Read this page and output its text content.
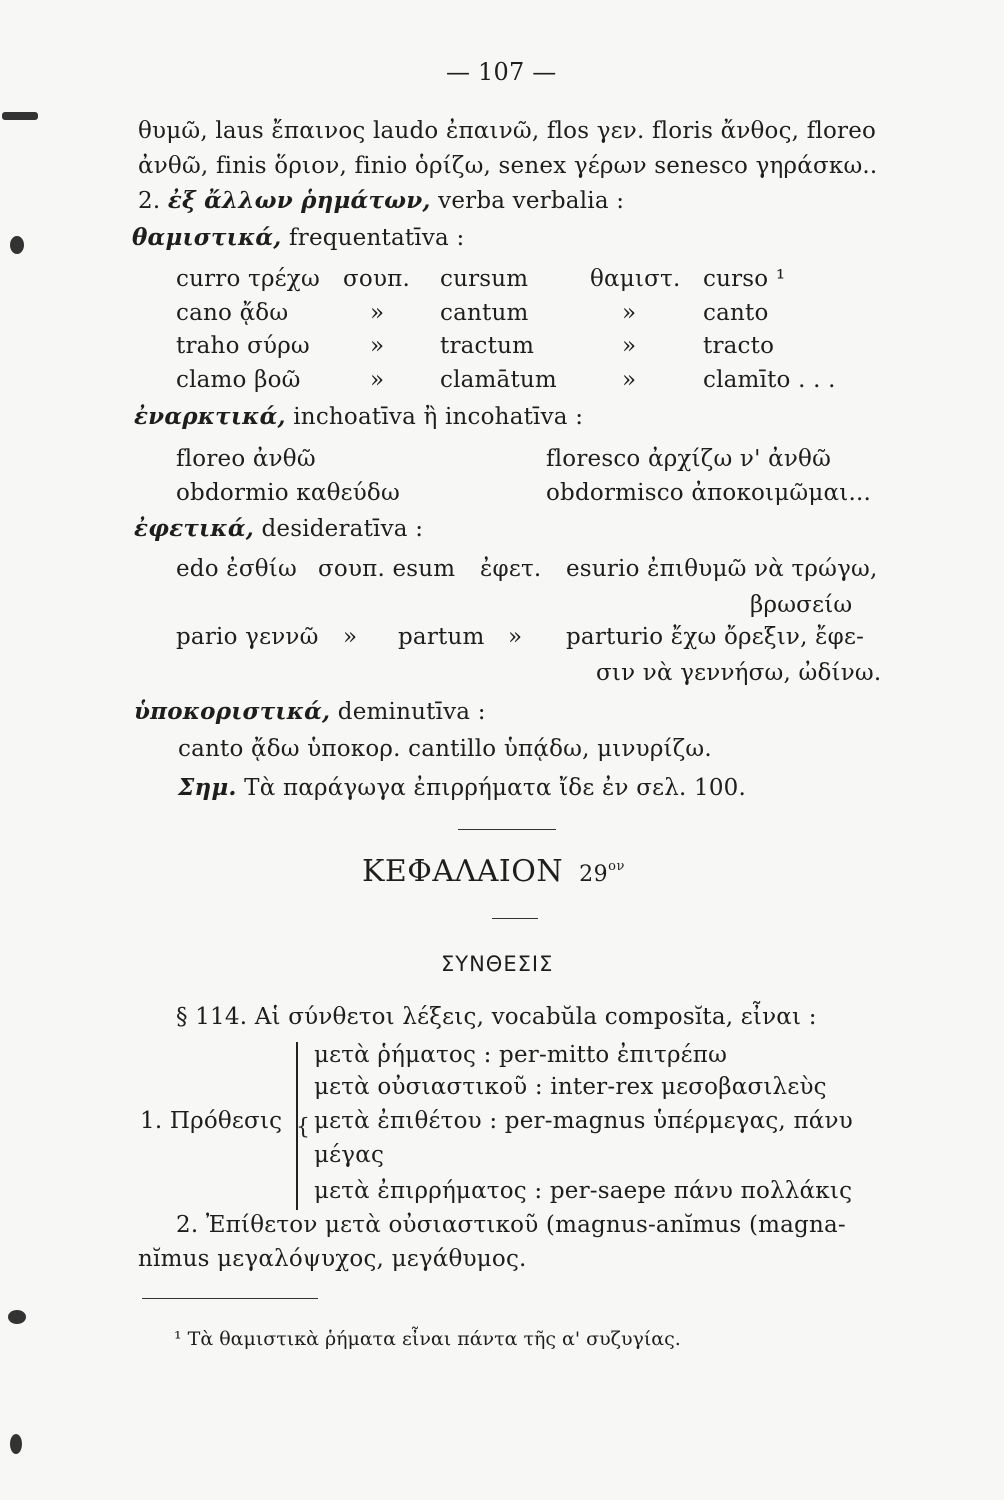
— 107 —
θυμῶ, laus ἔπαινος laudo ἐπαινῶ, flos γεν. floris ἄνθος, floreo
ἀνθῶ, finis ὅριον, finio ὁρίζω, senex γέρων senesco γηράσκω..
2. ἐξ ἄλλων ῥημάτων, verba verbalia :
θαμιστικά, frequentatīva :
curro τρέχω σουπ. cursum	θαμιστ. curso ¹
cano ᾄδω	» cantum	»	canto
traho σύρω	» tractum	»	tracto
clamo βοῶ	» clamātum	»	clamīto . . .
ἐναρκτικά, inchoatīva ἢ incohatīva :
floreo ἀνθῶ	floresco ἀρχίζω ν' ἀνθῶ
obdormio καθεύδω	obdormisco ἀποκοιμῶμαι...
ἐφετικά, desideratīva :
edo ἐσθίω σουπ. esum ἐφετ. esurio ἐπιθυμῶ νὰ τρώγω,
βρωσείω
pario γεννῶ » partum » parturio ἔχω ὄρεξιν, ἔφε-
σιν νὰ γεννήσω, ὠδίνω.
ὑποκοριστικά, deminutīva :
canto ᾄδω ὑποκορ. cantillo ὑπᾴδω, μινυρίζω.
Σημ. Τὰ παράγωγα ἐπιρρήματα ἴδε ἐν σελ. 100.
ΚΕΦΑΛΑΙΟΝ $29^{o\nu}$
ΣΥΝΘΕΣΙΣ
§ 114. Αἱ σύνθετοι λέξεις, vocabŭla composĭta, εἶναι :
1. Πρόθεσις {
μετὰ ῥήματος : per-mitto ἐπιτρέπω
μετὰ οὐσιαστικοῦ : inter-rex μεσοβασιλεὺς
μετὰ ἐπιθέτου : per-magnus ὑπέρμεγας, πάνυ
μέγας
μετὰ ἐπιρρήματος : per-saepe πάνυ πολλάκις
2. Ἐπίθετον μετὰ οὐσιαστικοῦ (magnus-anĭmus (magna-
nĭmus μεγαλόψυχος, μεγάθυμος.
¹ Τὰ θαμιστικὰ ῥήματα εἶναι πάντα τῆς α' συζυγίας.
